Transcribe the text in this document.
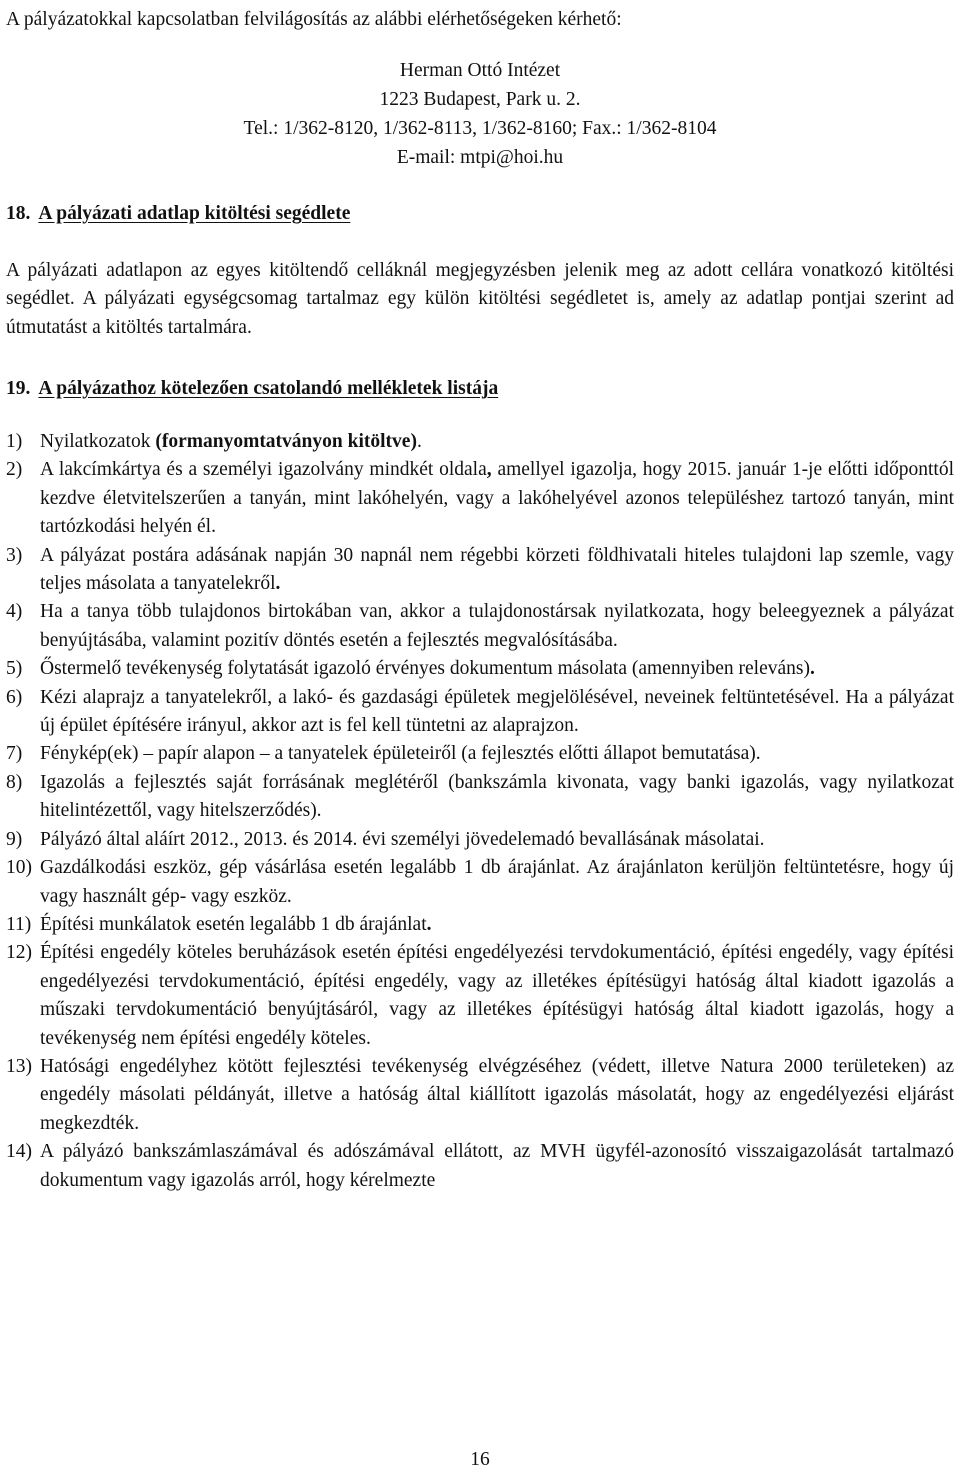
A pályázatokkal kapcsolatban felvilágosítás az alábbi elérhetőségeken kérhető:

Herman Ottó Intézet
1223 Budapest, Park u. 2.
Tel.: 1/362-8120, 1/362-8113, 1/362-8160; Fax.: 1/362-8104
E-mail: mtpi@hoi.hu
18. A pályázati adatlap kitöltési segédlete

A pályázati adatlapon az egyes kitöltendő celláknál megjegyzésben jelenik meg az adott cellára vonatkozó kitöltési segédlet. A pályázati egységcsomag tartalmaz egy külön kitöltési segédletet is, amely az adatlap pontjai szerint ad útmutatást a kitöltés tartalmára.

19. A pályázathoz kötelezően csatolandó mellékletek listája
1) Nyilatkozatok (formanyomtatványon kitöltve).
2) A lakcímkártya és a személyi igazolvány mindkét oldala, amellyel igazolja, hogy 2015. január 1-je előtti időponttól kezdve életvitelszerűen a tanyán, mint lakóhelyén, vagy a lakóhelyével azonos településhez tartozó tanyán, mint tartózkodási helyén él.
3) A pályázat postára adásának napján 30 napnál nem régebbi körzeti földhivatali hiteles tulajdoni lap szemle, vagy teljes másolata a tanyatelekről.
4) Ha a tanya több tulajdonos birtokában van, akkor a tulajdonostársak nyilatkozata, hogy beleegyeznek a pályázat benyújtásába, valamint pozitív döntés esetén a fejlesztés megvalósításába.
5) Őstermelő tevékenység folytatását igazoló érvényes dokumentum másolata (amennyiben releváns).
6) Kézi alaprajz a tanyatelekről, a lakó- és gazdasági épületek megjelölésével, neveinek feltüntetésével. Ha a pályázat új épület építésére irányul, akkor azt is fel kell tüntetni az alaprajzon.
7) Fénykép(ek) – papír alapon – a tanyatelek épületeiről (a fejlesztés előtti állapot bemutatása).
8) Igazolás a fejlesztés saját forrásának meglétéről (bankszámla kivonata, vagy banki igazolás, vagy nyilatkozat hitelintézettől, vagy hitelszerződés).
9) Pályázó által aláírt 2012., 2013. és 2014. évi személyi jövedelemadó bevallásának másolatai.
10) Gazdálkodási eszköz, gép vásárlása esetén legalább 1 db árajánlat. Az árajánlaton kerüljön feltüntetésre, hogy új vagy használt gép- vagy eszköz.
11) Építési munkálatok esetén legalább 1 db árajánlat.
12) Építési engedély köteles beruházások esetén építési engedélyezési tervdokumentáció, építési engedély, vagy építési engedélyezési tervdokumentáció, építési engedély, vagy az illetékes építésügyi hatóság által kiadott igazolás a műszaki tervdokumentáció benyújtásáról, vagy az illetékes építésügyi hatóság által kiadott igazolás, hogy a tevékenység nem építési engedély köteles.
13) Hatósági engedélyhez kötött fejlesztési tevékenység elvégzéséhez (védett, illetve Natura 2000 területeken) az engedély másolati példányát, illetve a hatóság által kiállított igazolás másolatát, hogy az engedélyezési eljárást megkezdték.
14) A pályázó bankszámlaszámával és adószámával ellátott, az MVH ügyfél-azonosító visszaigazolását tartalmazó dokumentum vagy igazolás arról, hogy kérelmezte
16
